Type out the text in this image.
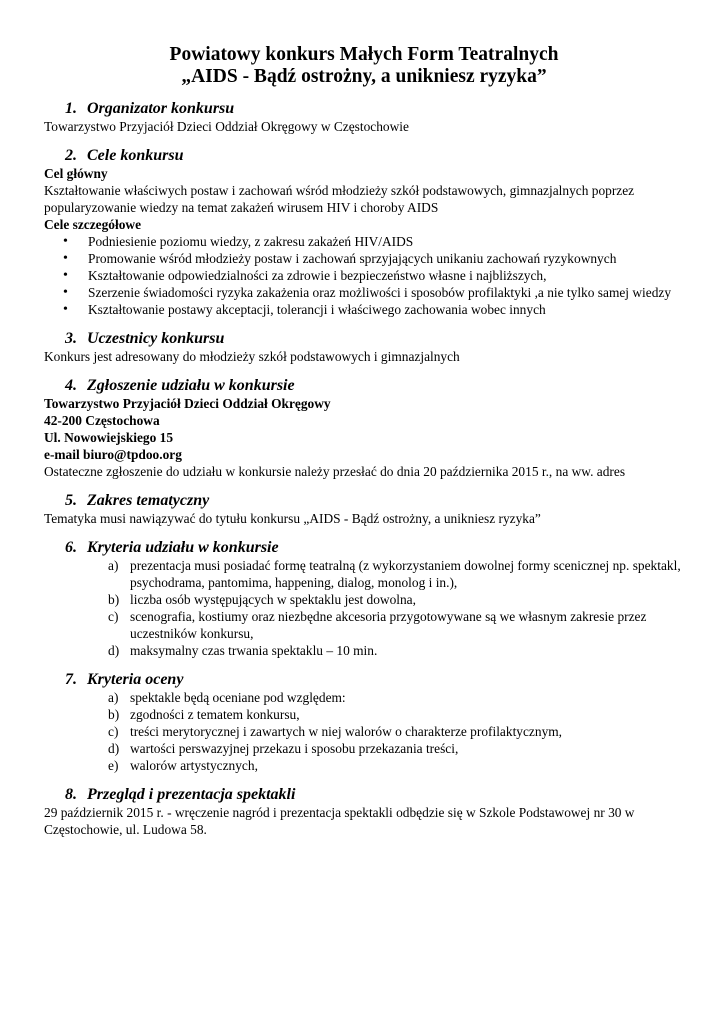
Powiatowy konkurs Małych Form Teatralnych
„AIDS - Bądź ostrożny, a unikniesz ryzyka”
1. Organizator konkursu

Towarzystwo Przyjaciół Dzieci Oddział Okręgowy w Częstochowie

2. Cele konkursu

Cel główny

Kształtowanie właściwych postaw i zachowań wśród młodzieży szkół podstawowych, gimnazjalnych poprzez popularyzowanie wiedzy na temat zakażeń wirusem HIV i choroby AIDS

Cele szczegółowe

• Podniesienie poziomu wiedzy, z zakresu zakażeń HIV/AIDS
• Promowanie wśród młodzieży postaw i zachowań sprzyjających unikaniu zachowań ryzykownych
• Kształtowanie odpowiedzialności za zdrowie i bezpieczeństwo własne i najbliższych,
• Szerzenie świadomości ryzyka zakażenia oraz możliwości i sposobów profilaktyki ,a nie tylko samej wiedzy
• Kształtowanie postawy akceptacji, tolerancji i właściwego zachowania wobec innych
3. Uczestnicy konkursu

Konkurs jest adresowany do młodzieży szkół podstawowych i gimnazjalnych

4. Zgłoszenie udziału w konkursie

Towarzystwo Przyjaciół Dzieci Oddział Okręgowy

42-200 Częstochowa

Ul. Nowowiejskiego 15

e-mail biuro@tpdoo.org

Ostateczne zgłoszenie do udziału w konkursie należy przesłać do dnia 20 października 2015 r., na ww. adres

5. Zakres tematyczny

Tematyka musi nawiązywać do tytułu konkursu „AIDS - Bądź ostrożny, a unikniesz ryzyka”

6. Kryteria udziału w konkursie
a) prezentacja musi posiadać formę teatralną (z wykorzystaniem dowolnej formy scenicznej np. spektakl, psychodrama, pantomima, happening, dialog, monolog i in.),
b) liczba osób występujących w spektaklu jest dowolna,
c) scenografia, kostiumy oraz niezbędne akcesoria przygotowywane są we własnym zakresie przez uczestników konkursu,
d) maksymalny czas trwania spektaklu – 10 min.
7. Kryteria oceny
a) spektakle będą oceniane pod względem:
b) zgodności z tematem konkursu,
c) treści merytorycznej i zawartych w niej walorów o charakterze profilaktycznym,
d) wartości perswazyjnej przekazu i sposobu przekazania treści,
e) walorów artystycznych,
8. Przegląd i prezentacja spektakli

29 październik 2015 r. - wręczenie nagród i prezentacja spektakli odbędzie się w Szkole Podstawowej nr 30 w Częstochowie, ul. Ludowa 58.
